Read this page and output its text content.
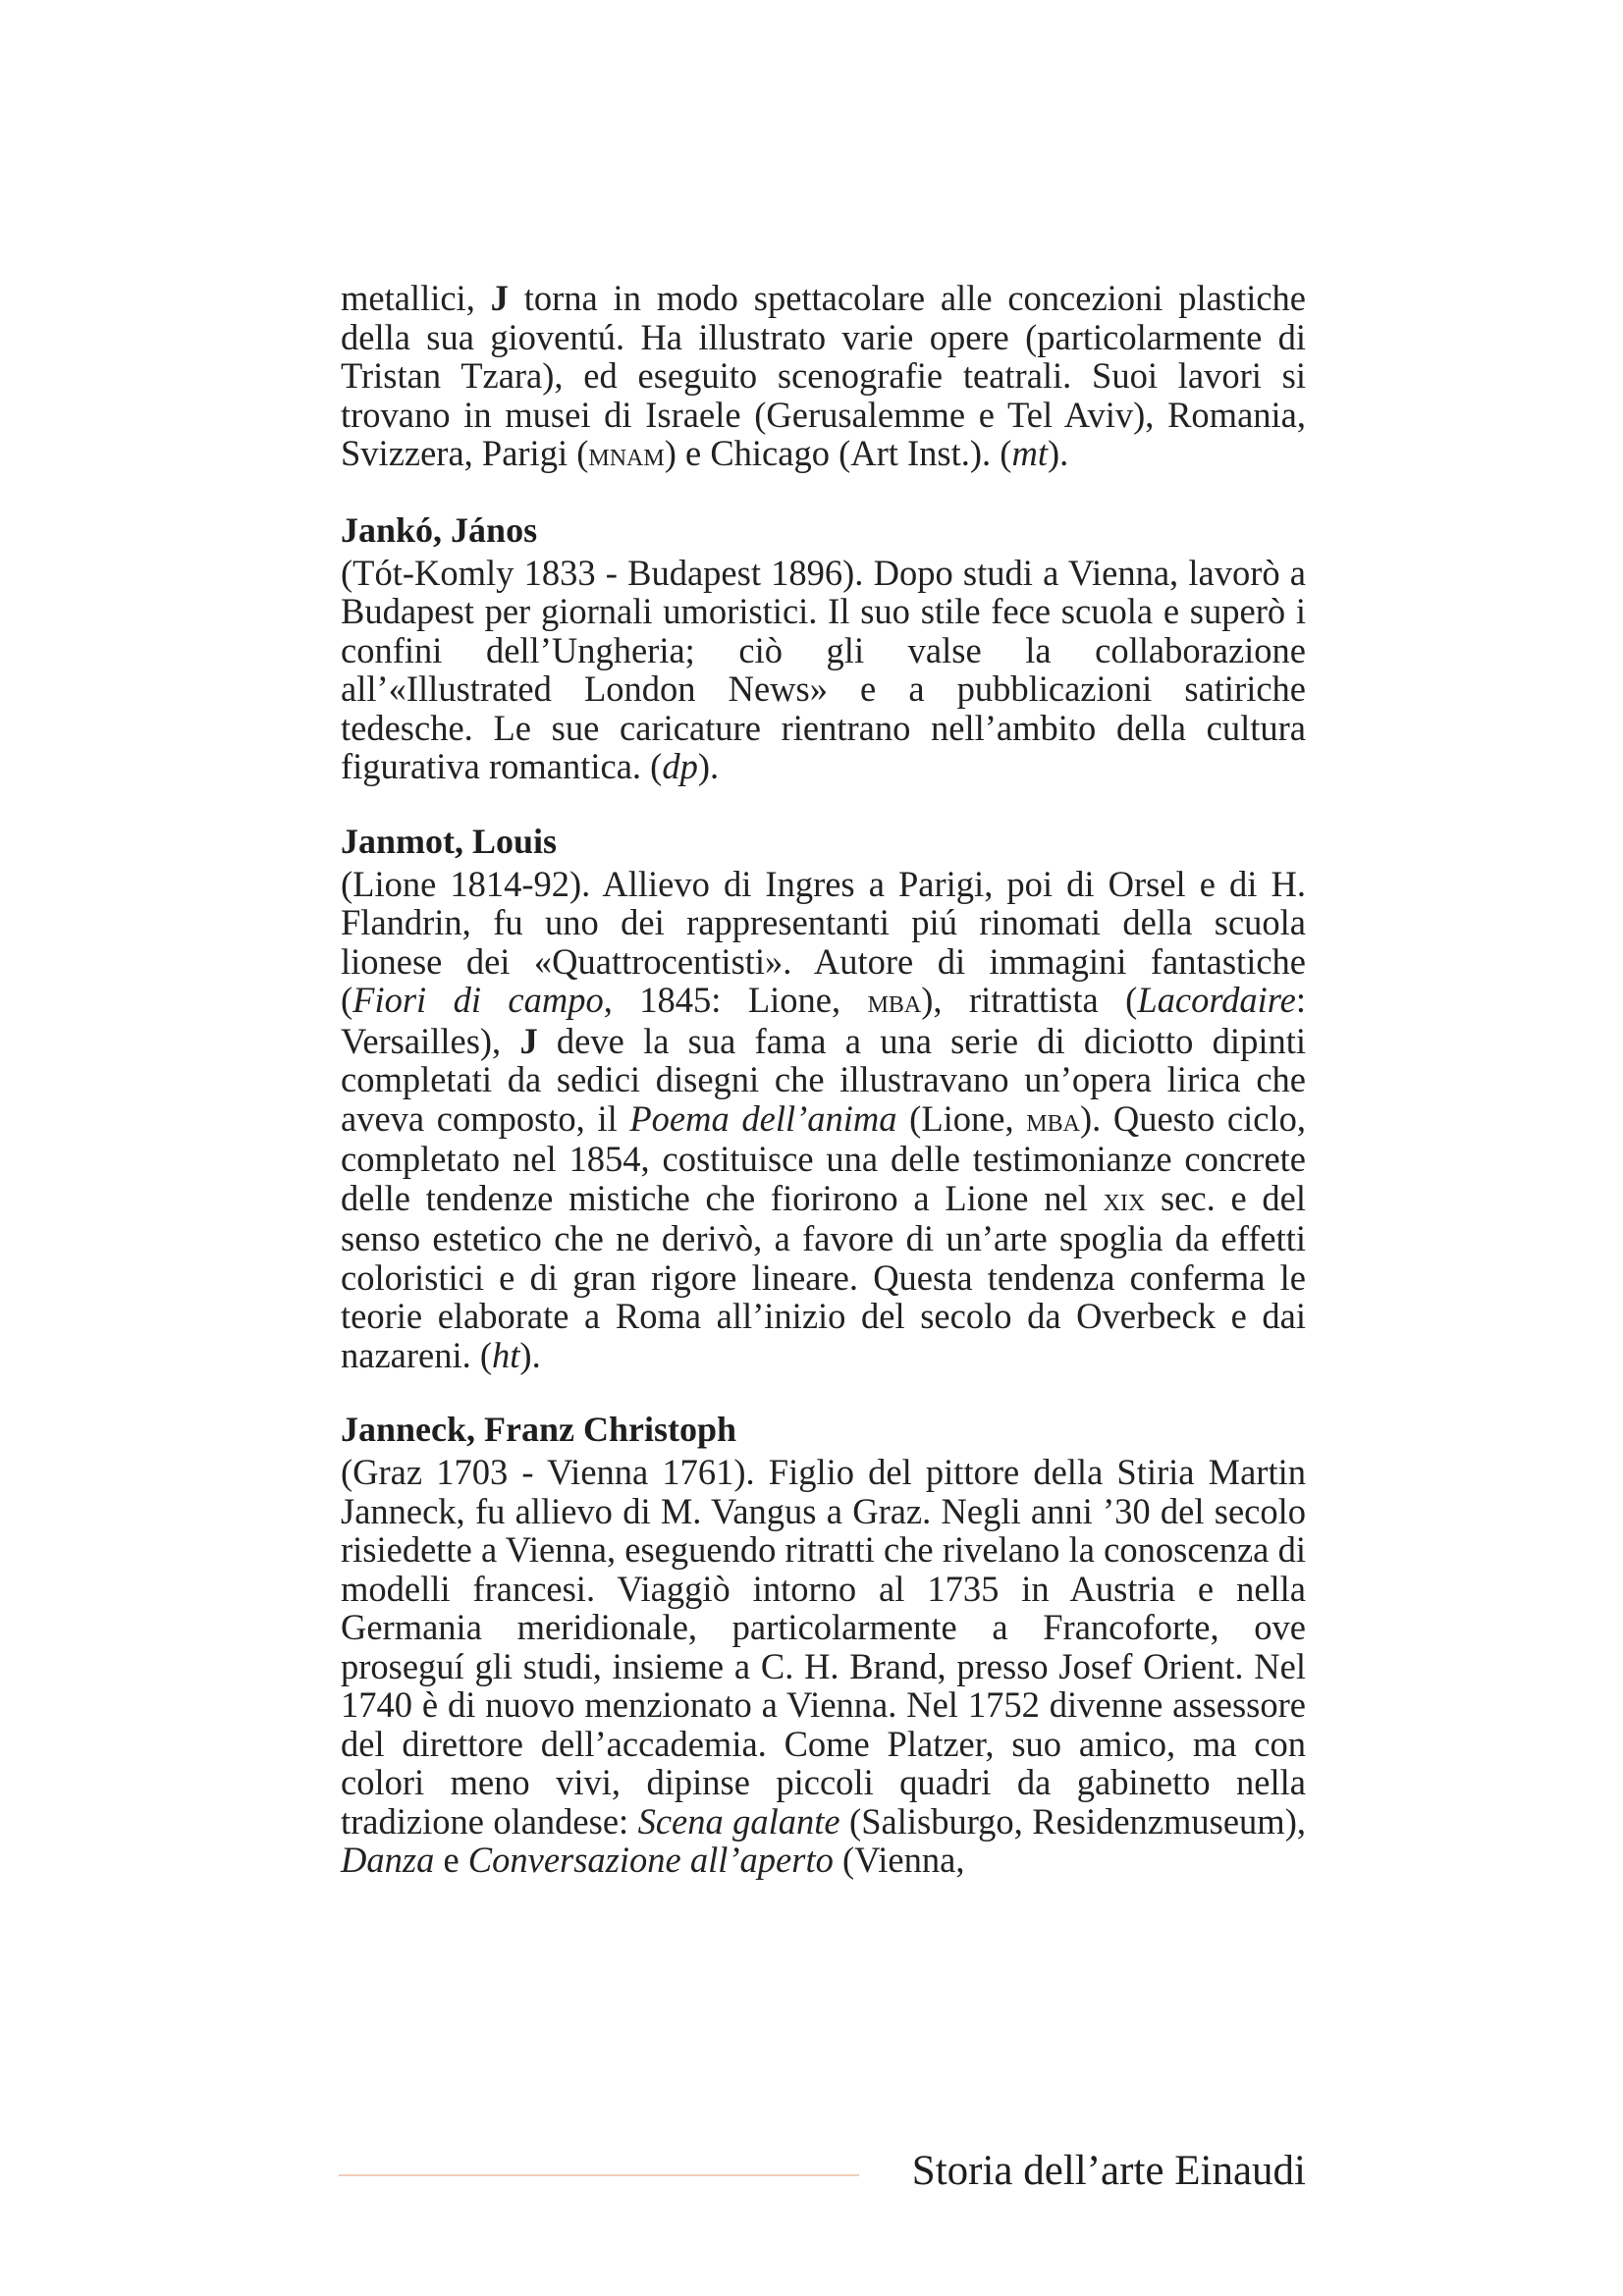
metallici, J torna in modo spettacolare alle concezioni plastiche della sua gioventú. Ha illustrato varie opere (particolarmente di Tristan Tzara), ed eseguito scenografie teatrali. Suoi lavori si trovano in musei di Israele (Gerusalemme e Tel Aviv), Romania, Svizzera, Parigi (mnam) e Chicago (Art Inst.). (mt).

Jankó, János

(Tót-Komly 1833 - Budapest 1896). Dopo studi a Vienna, lavorò a Budapest per giornali umoristici. Il suo stile fece scuola e superò i confini dell’Ungheria; ciò gli valse la collaborazione all’«Illustrated London News» e a pubblicazioni satiriche tedesche. Le sue caricature rientrano nell’ambito della cultura figurativa romantica. (dp).

Janmot, Louis

(Lione 1814-92). Allievo di Ingres a Parigi, poi di Orsel e di H. Flandrin, fu uno dei rappresentanti piú rinomati della scuola lionese dei «Quattrocentisti». Autore di immagini fantastiche (Fiori di campo, 1845: Lione, mba), ritrattista (Lacordaire: Versailles), J deve la sua fama a una serie di diciotto dipinti completati da sedici disegni che illustravano un’opera lirica che aveva composto, il Poema dell’anima (Lione, mba). Questo ciclo, completato nel 1854, costituisce una delle testimonianze concrete delle tendenze mistiche che fiorirono a Lione nel xix sec. e del senso estetico che ne derivò, a favore di un’arte spoglia da effetti coloristici e di gran rigore lineare. Questa tendenza conferma le teorie elaborate a Roma all’inizio del secolo da Overbeck e dai nazareni. (ht).

Janneck, Franz Christoph

(Graz 1703 - Vienna 1761). Figlio del pittore della Stiria Martin Janneck, fu allievo di M. Vangus a Graz. Negli anni ’30 del secolo risiedette a Vienna, eseguendo ritratti che rivelano la conoscenza di modelli francesi. Viaggiò intorno al 1735 in Austria e nella Germania meridionale, particolarmente a Francoforte, ove proseguí gli studi, insieme a C. H. Brand, presso Josef Orient. Nel 1740 è di nuovo menzionato a Vienna. Nel 1752 divenne assessore del direttore dell’accademia. Come Platzer, suo amico, ma con colori meno vivi, dipinse piccoli quadri da gabinetto nella tradizione olandese: Scena galante (Salisburgo, Residenzmuseum), Danza e Conversazione all’aperto (Vienna,

Storia dell’arte Einaudi
